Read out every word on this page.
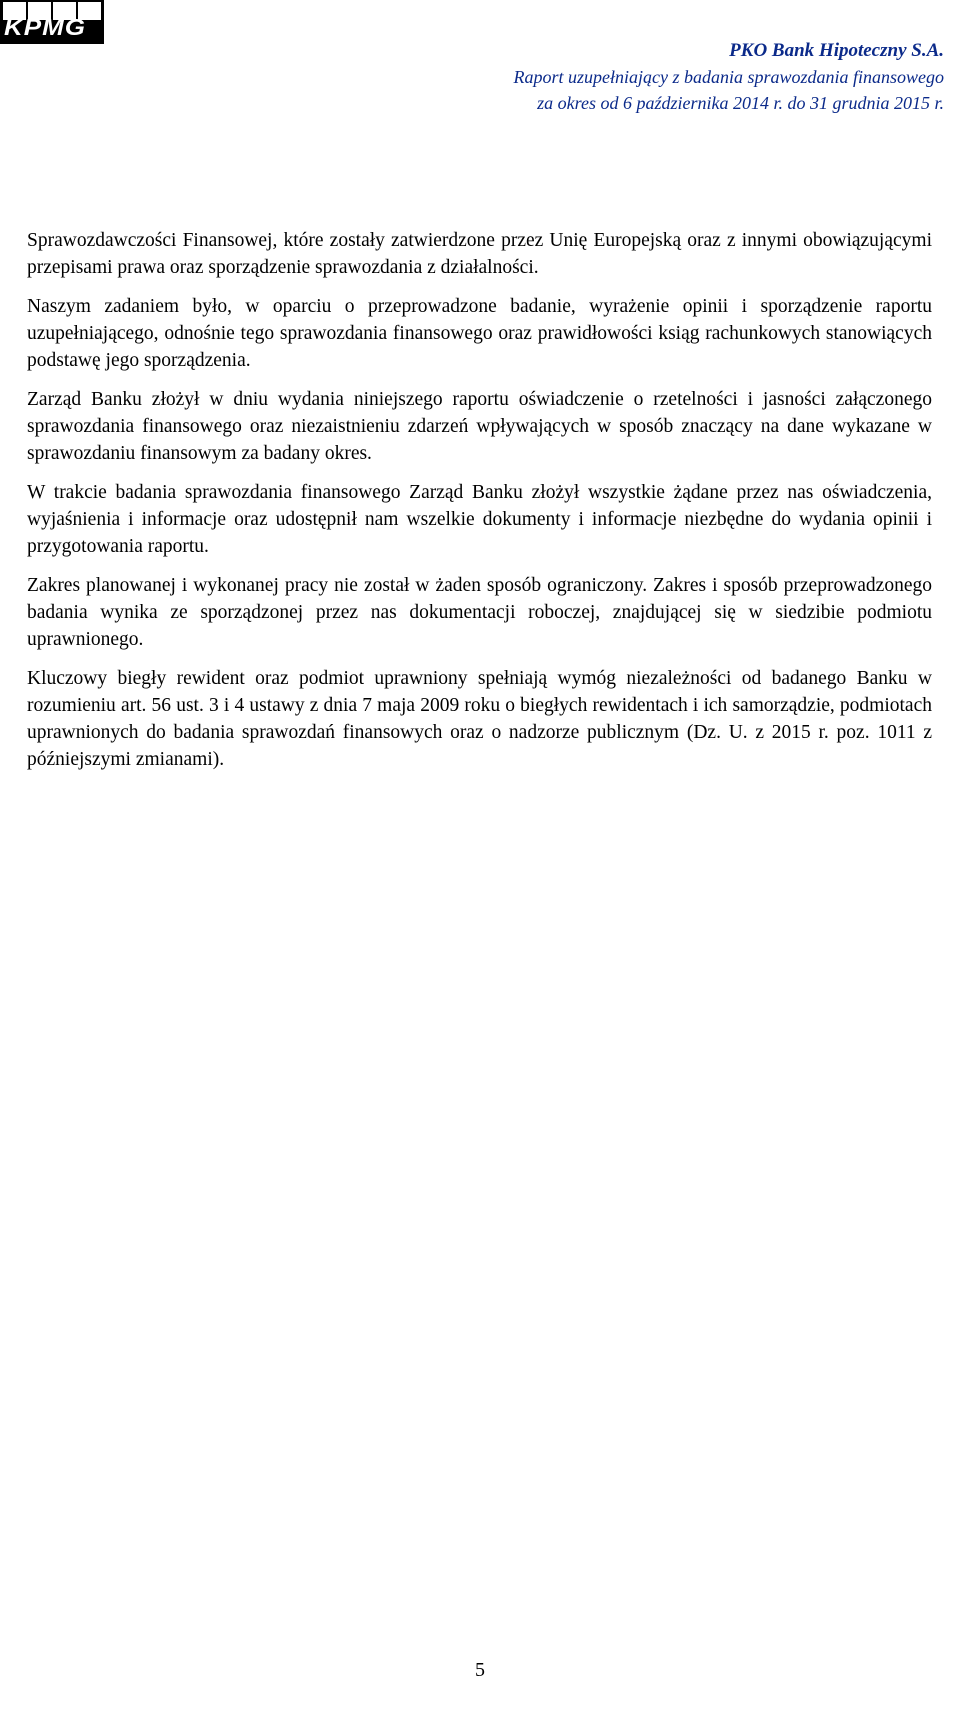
KPMG
PKO Bank Hipoteczny S.A.
Raport uzupełniający z badania sprawozdania finansowego
za okres od 6 października 2014 r. do 31 grudnia 2015 r.

Sprawozdawczości Finansowej, które zostały zatwierdzone przez Unię Europejską oraz z innymi obowiązującymi przepisami prawa oraz sporządzenie sprawozdania z działalności.

Naszym zadaniem było, w oparciu o przeprowadzone badanie, wyrażenie opinii i sporządzenie raportu uzupełniającego, odnośnie tego sprawozdania finansowego oraz prawidłowości ksiąg rachunkowych stanowiących podstawę jego sporządzenia.

Zarząd Banku złożył w dniu wydania niniejszego raportu oświadczenie o rzetelności i jasności załączonego sprawozdania finansowego oraz niezaistnieniu zdarzeń wpływających w sposób znaczący na dane wykazane w sprawozdaniu finansowym za badany okres.

W trakcie badania sprawozdania finansowego Zarząd Banku złożył wszystkie żądane przez nas oświadczenia, wyjaśnienia i informacje oraz udostępnił nam wszelkie dokumenty i informacje niezbędne do wydania opinii i przygotowania raportu.

Zakres planowanej i wykonanej pracy nie został w żaden sposób ograniczony. Zakres i sposób przeprowadzonego badania wynika ze sporządzonej przez nas dokumentacji roboczej, znajdującej się w siedzibie podmiotu uprawnionego.

Kluczowy biegły rewident oraz podmiot uprawniony spełniają wymóg niezależności od badanego Banku w rozumieniu art. 56 ust. 3 i 4 ustawy z dnia 7 maja 2009 roku o biegłych rewidentach i ich samorządzie, podmiotach uprawnionych do badania sprawozdań finansowych oraz o nadzorze publicznym (Dz. U. z 2015 r. poz. 1011 z późniejszymi zmianami).

5
